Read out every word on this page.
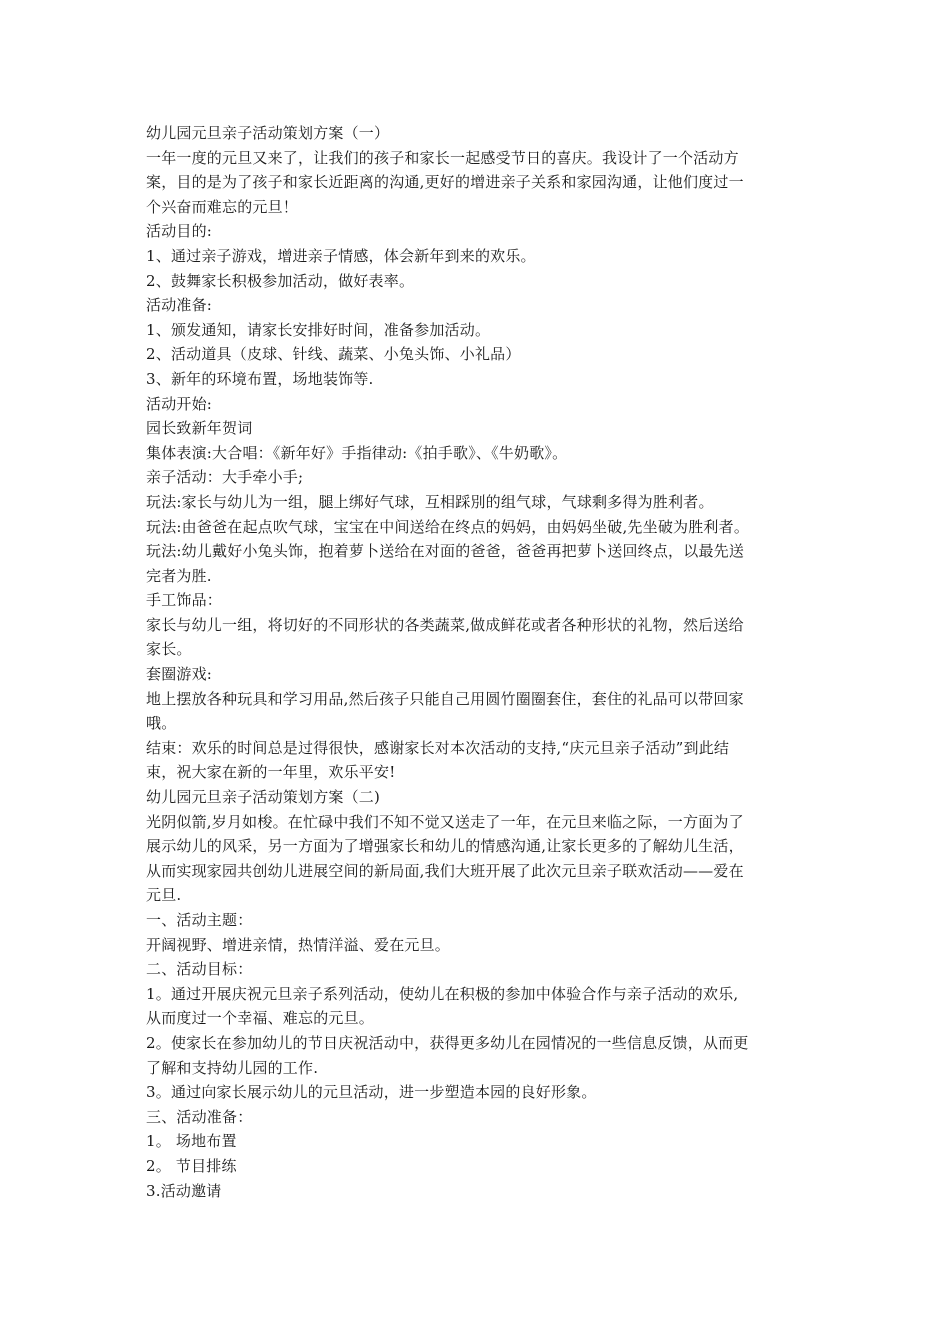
幼儿园元旦亲子活动策划方案（一）
一年一度的元旦又来了，让我们的孩子和家长一起感受节日的喜庆。我设计了一个活动方
案，目的是为了孩子和家长近距离的沟通,更好的增进亲子关系和家园沟通，让他们度过一
个兴奋而难忘的元旦！
活动目的:
1、通过亲子游戏，增进亲子情感，体会新年到来的欢乐。
2、鼓舞家长积极参加活动，做好表率。
活动准备:
1、颁发通知，请家长安排好时间，准备参加活动。
2、活动道具（皮球、针线、蔬菜、小兔头饰、小礼品）
3、新年的环境布置，场地装饰等.
活动开始:
园长致新年贺词
集体表演:大合唱：《新年好》手指律动:《拍手歌》、《牛奶歌》。
亲子活动：大手牵小手;
玩法:家长与幼儿为一组，腿上绑好气球，互相踩別的组气球，气球剩多得为胜利者。
玩法:由爸爸在起点吹气球，宝宝在中间送给在终点的妈妈，由妈妈坐破,先坐破为胜利者。
玩法:幼儿戴好小兔头饰，抱着萝卜送给在对面的爸爸，爸爸再把萝卜送回终点，以最先送
完者为胜.
手工饰品：
家长与幼儿一组，将切好的不同形状的各类蔬菜,做成鲜花或者各种形状的礼物，然后送给
家长。
套圈游戏:
地上摆放各种玩具和学习用品,然后孩子只能自己用圆竹圈圈套住，套住的礼品可以带回家
哦。
结束：欢乐的时间总是过得很快，感谢家长对本次活动的支持,“庆元旦亲子活动”到此结
束，祝大家在新的一年里，欢乐平安!
幼儿园元旦亲子活动策划方案（二)
光阴似箭,岁月如梭。在忙碌中我们不知不觉又送走了一年，在元旦来临之际，一方面为了
展示幼儿的风采，另一方面为了增强家长和幼儿的情感沟通,让家长更多的了解幼儿生活，
从而实现家园共创幼儿进展空间的新局面,我们大班开展了此次元旦亲子联欢活动——爱在
元旦.
一、活动主题：
开阔视野、增进亲情，热情洋溢、爱在元旦。
二、活动目标：
1。通过开展庆祝元旦亲子系列活动，使幼儿在积极的参加中体验合作与亲子活动的欢乐,
从而度过一个幸福、难忘的元旦。
2。使家长在参加幼儿的节日庆祝活动中，获得更多幼儿在园情况的一些信息反馈，从而更
了解和支持幼儿园的工作.
3。通过向家长展示幼儿的元旦活动，进一步塑造本园的良好形象。
三、活动准备：
1。 场地布置
2。 节目排练
3.活动邀请
